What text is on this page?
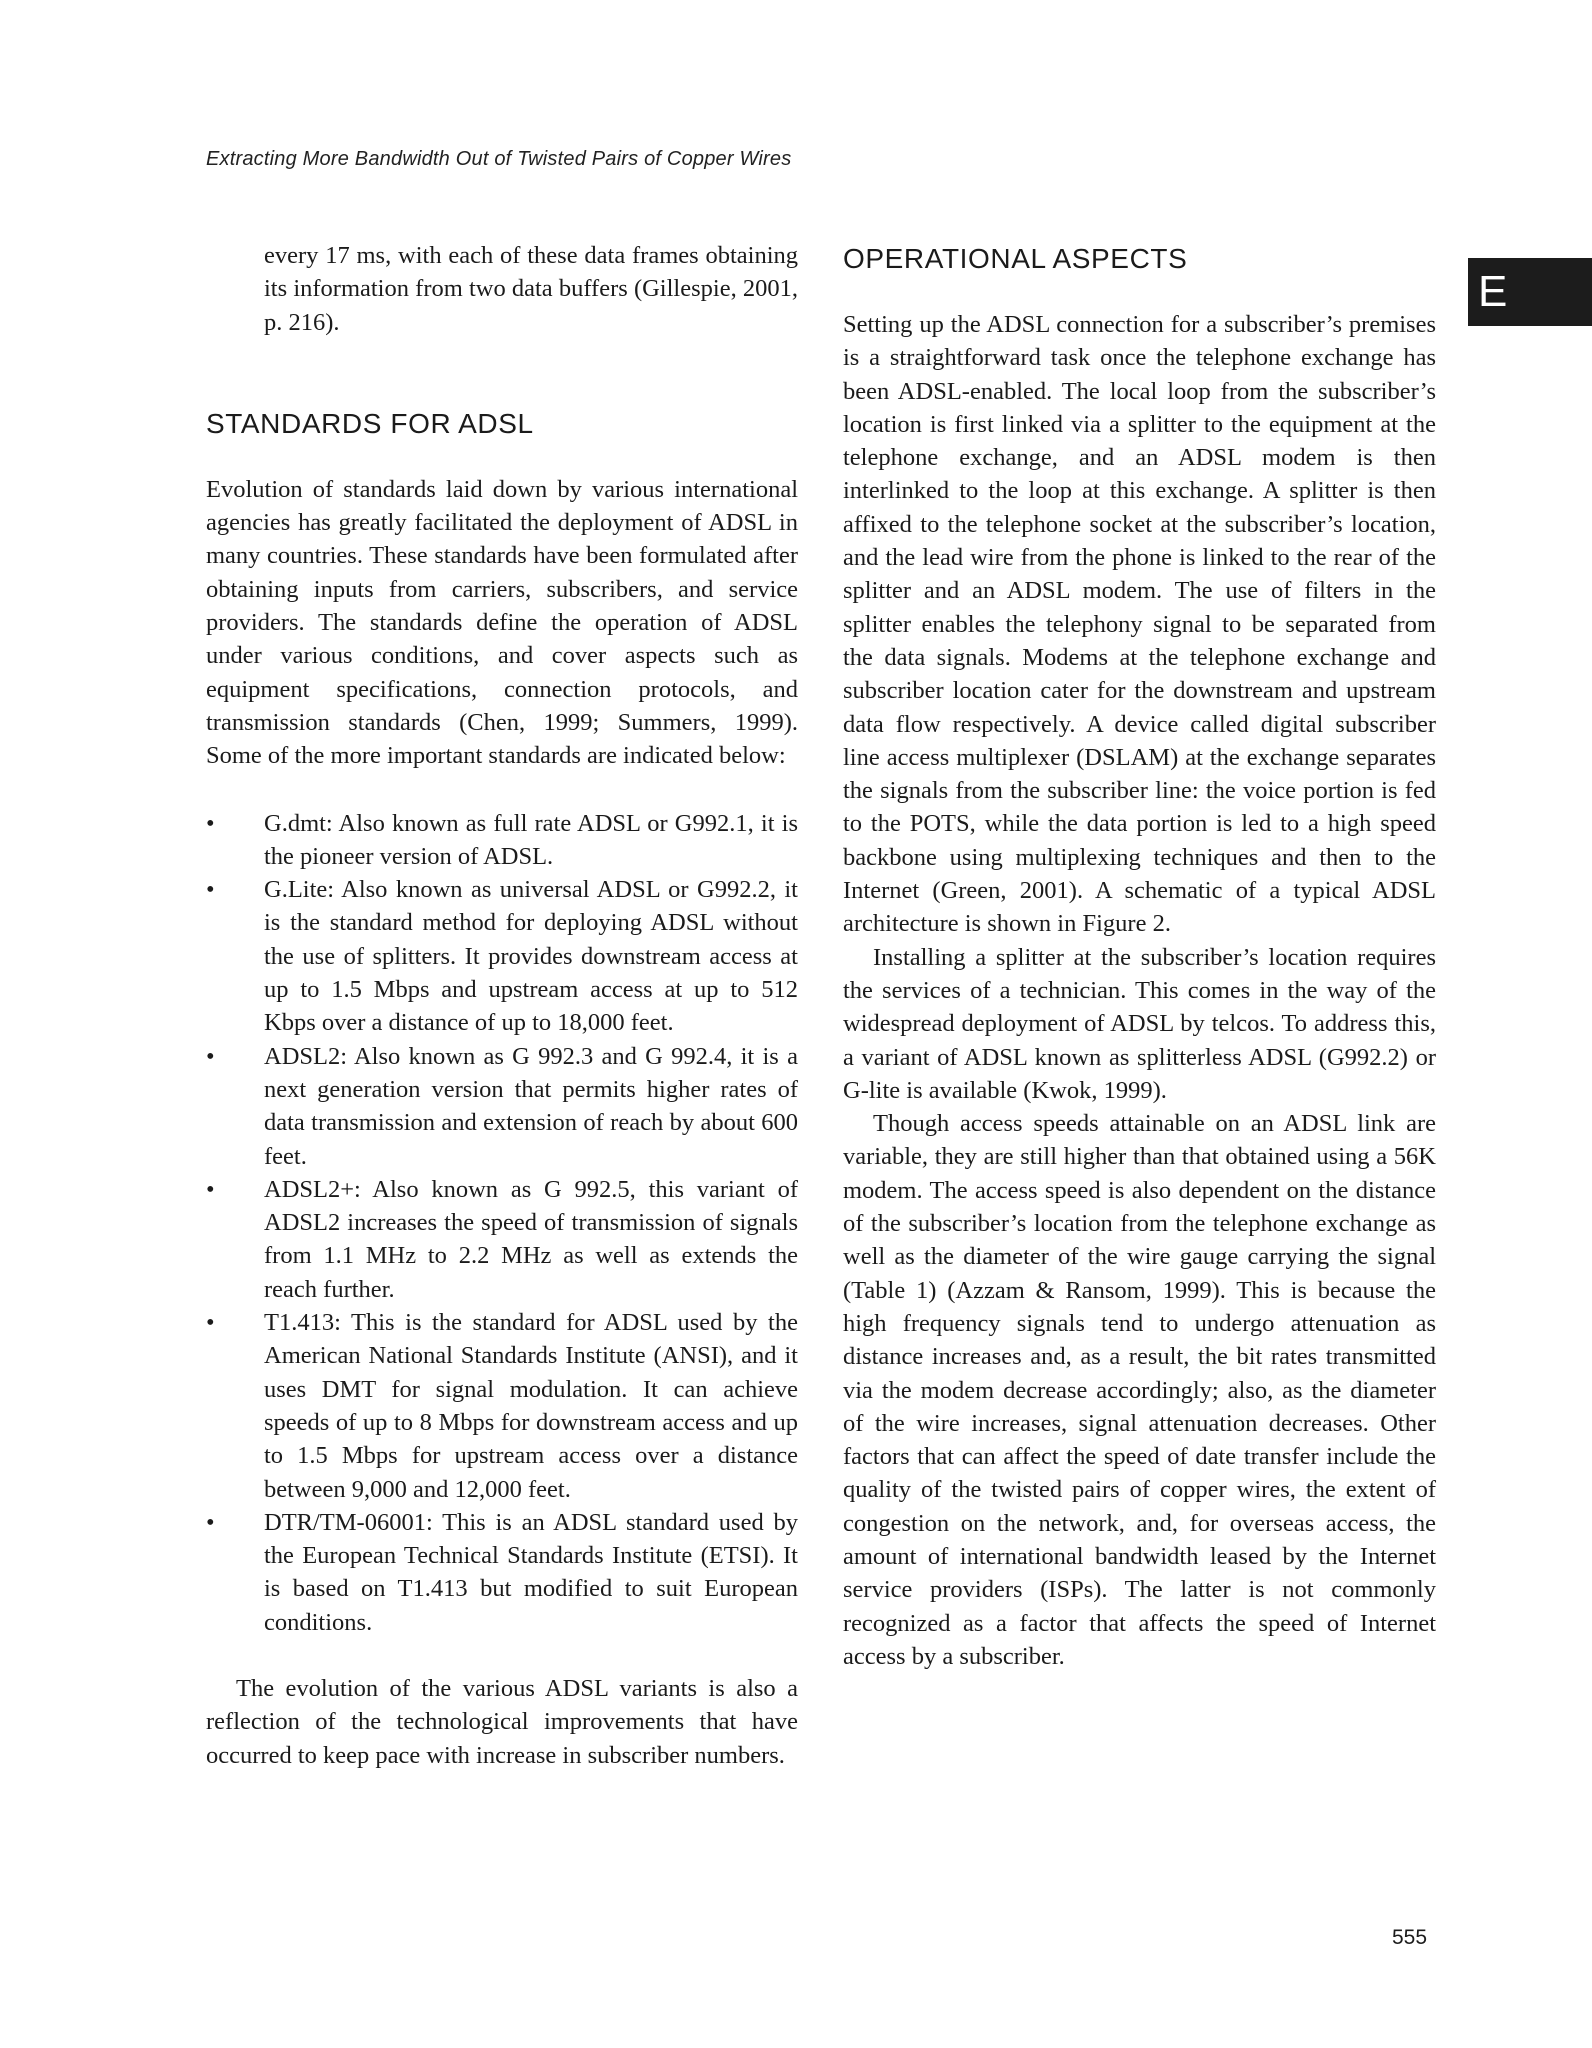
Extracting More Bandwidth Out of Twisted Pairs of Copper Wires
E

every 17 ms, with each of these data frames obtaining its information from two data buffers (Gillespie, 2001, p. 216).

STANDARDS FOR ADSL

Evolution of standards laid down by various international agencies has greatly facilitated the deployment of ADSL in many countries. These standards have been formulated after obtaining inputs from carriers, subscribers, and service providers. The standards define the operation of ADSL under various conditions, and cover aspects such as equipment specifications, connection protocols, and transmission standards (Chen, 1999; Summers, 1999). Some of the more important standards are indicated below:

• G.dmt: Also known as full rate ADSL or G992.1, it is the pioneer version of ADSL.
• G.Lite: Also known as universal ADSL or G992.2, it is the standard method for deploying ADSL without the use of splitters. It provides downstream access at up to 1.5 Mbps and upstream access at up to 512 Kbps over a distance of up to 18,000 feet.
• ADSL2: Also known as G 992.3 and G 992.4, it is a next generation version that permits higher rates of data transmission and extension of reach by about 600 feet.
• ADSL2+: Also known as G 992.5, this variant of ADSL2 increases the speed of transmission of signals from 1.1 MHz to 2.2 MHz as well as extends the reach further.
• T1.413: This is the standard for ADSL used by the American National Standards Institute (ANSI), and it uses DMT for signal modulation. It can achieve speeds of up to 8 Mbps for downstream access and up to 1.5 Mbps for upstream access over a distance between 9,000 and 12,000 feet.
• DTR/TM-06001: This is an ADSL standard used by the European Technical Standards Institute (ETSI). It is based on T1.413 but modified to suit European conditions.

The evolution of the various ADSL variants is also a reflection of the technological improvements that have occurred to keep pace with increase in subscriber numbers.

OPERATIONAL ASPECTS

Setting up the ADSL connection for a subscriber’s premises is a straightforward task once the telephone exchange has been ADSL-enabled. The local loop from the subscriber’s location is first linked via a splitter to the equipment at the telephone exchange, and an ADSL modem is then interlinked to the loop at this exchange. A splitter is then affixed to the telephone socket at the subscriber’s location, and the lead wire from the phone is linked to the rear of the splitter and an ADSL modem. The use of filters in the splitter enables the telephony signal to be separated from the data signals. Modems at the telephone exchange and subscriber location cater for the downstream and upstream data flow respectively. A device called digital subscriber line access multiplexer (DSLAM) at the exchange separates the signals from the subscriber line: the voice portion is fed to the POTS, while the data portion is led to a high speed backbone using multiplexing techniques and then to the Internet (Green, 2001). A schematic of a typical ADSL architecture is shown in Figure 2.

Installing a splitter at the subscriber’s location requires the services of a technician. This comes in the way of the widespread deployment of ADSL by telcos. To address this, a variant of ADSL known as splitterless ADSL (G992.2) or G-lite is available (Kwok, 1999).

Though access speeds attainable on an ADSL link are variable, they are still higher than that obtained using a 56K modem. The access speed is also dependent on the distance of the subscriber’s location from the telephone exchange as well as the diameter of the wire gauge carrying the signal (Table 1) (Azzam & Ransom, 1999). This is because the high frequency signals tend to undergo attenuation as distance increases and, as a result, the bit rates transmitted via the modem decrease accordingly; also, as the diameter of the wire increases, signal attenuation decreases. Other factors that can affect the speed of date transfer include the quality of the twisted pairs of copper wires, the extent of congestion on the network, and, for overseas access, the amount of international bandwidth leased by the Internet service providers (ISPs). The latter is not commonly recognized as a factor that affects the speed of Internet access by a subscriber.

555
